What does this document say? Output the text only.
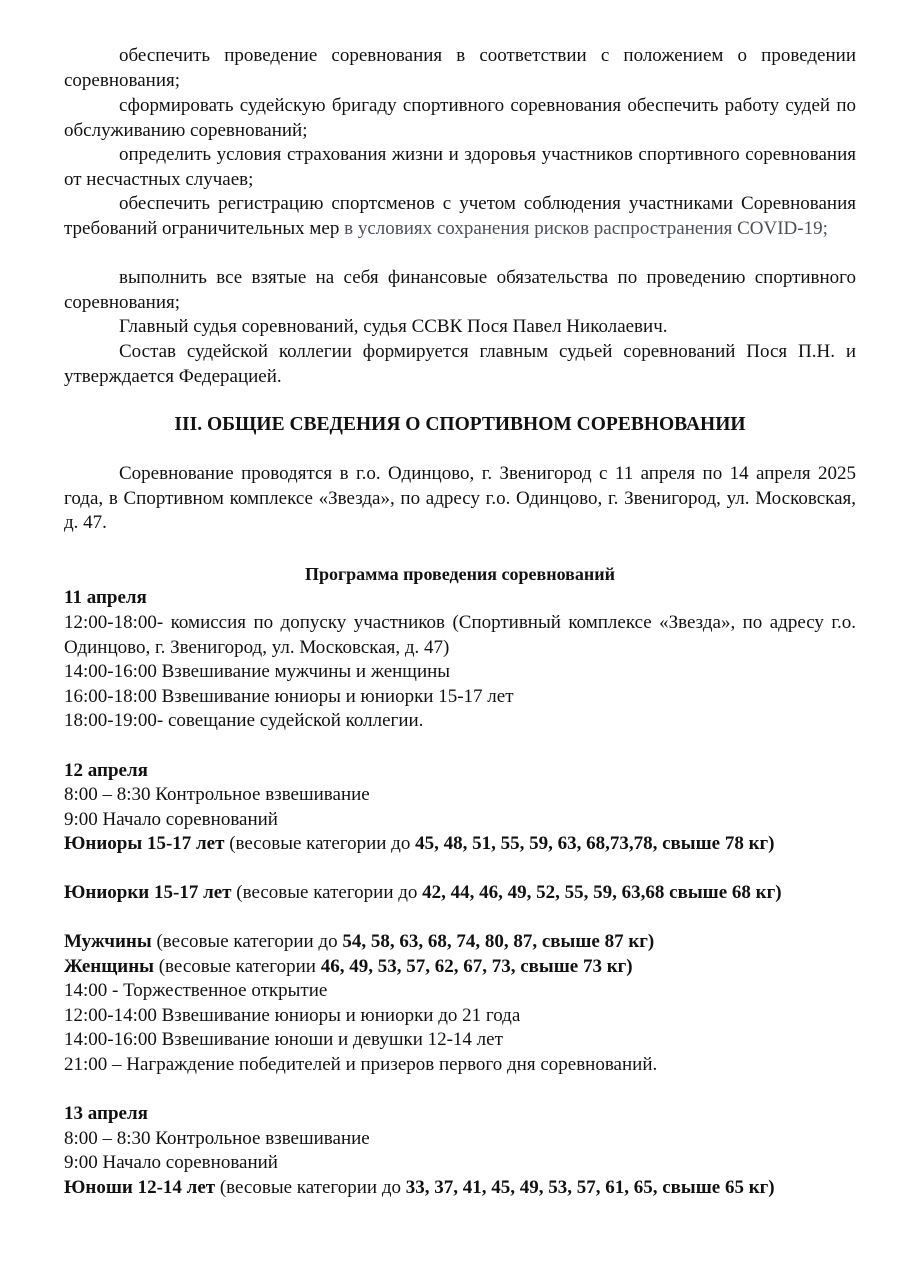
обеспечить проведение соревнования в соответствии с положением о проведении соревнования;

сформировать судейскую бригаду спортивного соревнования обеспечить работу судей по обслуживанию соревнований;

определить условия страхования жизни и здоровья участников спортивного соревнования от несчастных случаев;

обеспечить регистрацию спортсменов с учетом соблюдения участниками Соревнования требований ограничительных мер в условиях сохранения рисков распространения COVID-19;

выполнить все взятые на себя финансовые обязательства по проведению спортивного соревнования;

Главный судья соревнований, судья ССВК Пося Павел Николаевич.

Состав судейской коллегии формируется главным судьей соревнований Пося П.Н. и утверждается Федерацией.

III. ОБЩИЕ СВЕДЕНИЯ О СПОРТИВНОМ СОРЕВНОВАНИИ

Соревнование проводятся в г.о. Одинцово, г. Звенигород с 11 апреля по 14 апреля 2025 года, в Спортивном комплексе «Звезда», по адресу г.о. Одинцово, г. Звенигород, ул. Московская, д. 47.

Программа проведения соревнований
11 апреля
12:00-18:00- комиссия по допуску участников (Спортивный комплексе «Звезда», по адресу г.о. Одинцово, г. Звенигород, ул. Московская, д. 47)
14:00-16:00 Взвешивание мужчины и женщины
16:00-18:00 Взвешивание юниоры и юниорки 15-17 лет
18:00-19:00- совещание судейской коллегии.
12 апреля
8:00 – 8:30 Контрольное взвешивание
9:00 Начало соревнований
Юниоры 15-17 лет (весовые категории до 45, 48, 51, 55, 59, 63, 68,73,78, свыше 78 кг)
Юниорки 15-17 лет (весовые категории до 42, 44, 46, 49, 52, 55, 59, 63,68 свыше 68 кг)
Мужчины (весовые категории до 54, 58, 63, 68, 74, 80, 87, свыше 87 кг)
Женщины (весовые категории 46, 49, 53, 57, 62, 67, 73, свыше 73 кг)
14:00 - Торжественное открытие
12:00-14:00 Взвешивание юниоры и юниорки до 21 года
14:00-16:00 Взвешивание юноши и девушки 12-14 лет
21:00 – Награждение победителей и призеров первого дня соревнований.
13 апреля
8:00 – 8:30 Контрольное взвешивание
9:00 Начало соревнований
Юноши 12-14 лет (весовые категории до 33, 37, 41, 45, 49, 53, 57, 61, 65, свыше 65 кг)
